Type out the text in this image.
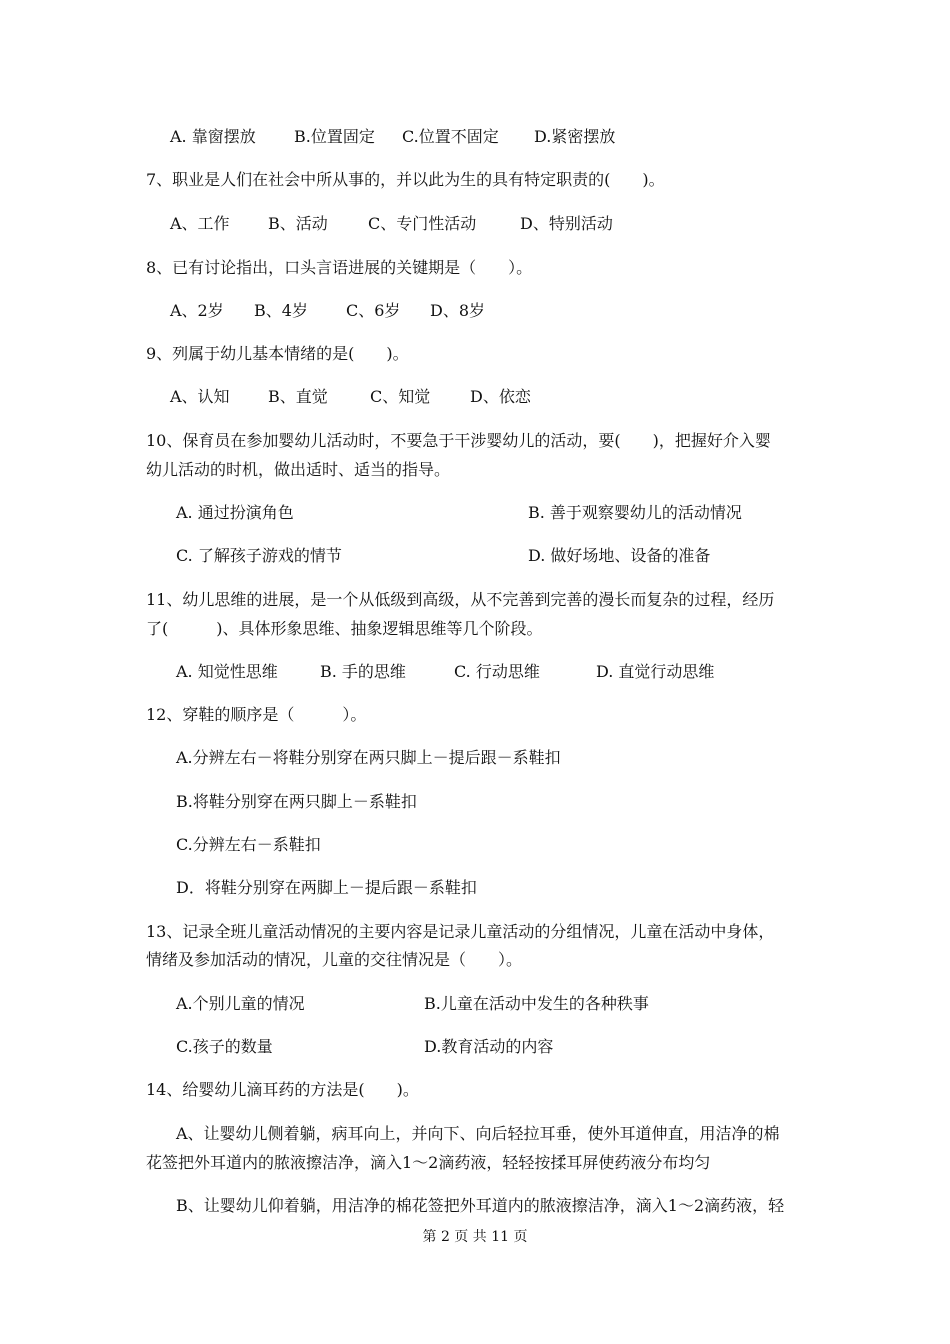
A. 靠窗摆放 B.位置固定 C.位置不固定 D.紧密摆放
7、职业是人们在社会中所从事的，并以此为生的具有特定职责的(　　)。
A、工作 B、活动	C、专门性活动	D、特别活动
8、已有讨论指出，口头言语进展的关键期是（　　）。
A、2岁 B、4岁 C、6岁 D、8岁
9、列属于幼儿基本情绪的是(　　)。
A、认知 B、直觉	C、知觉 D、依恋
10、保育员在参加婴幼儿活动时，不要急于干涉婴幼儿的活动，要(　　)，把握好介入婴
幼儿活动的时机，做出适时、适当的指导。
A. 通过扮演角色	B. 善于观察婴幼儿的活动情况
C. 了解孩子游戏的情节	D. 做好场地、设备的准备
11、幼儿思维的进展，是一个从低级到高级，从不完善到完善的漫长而复杂的过程，经历
了(　　　)、具体形象思维、抽象逻辑思维等几个阶段。
A. 知觉性思维	B. 手的思维	C. 行动思维	D. 直觉行动思维
12、穿鞋的顺序是（　　　）。
A.分辨左右－将鞋分别穿在两只脚上－提后跟－系鞋扣
B.将鞋分别穿在两只脚上－系鞋扣
C.分辨左右－系鞋扣
D．将鞋分别穿在两脚上－提后跟－系鞋扣
13、记录全班儿童活动情况的主要内容是记录儿童活动的分组情况，儿童在活动中身体，
情绪及参加活动的情况，儿童的交往情况是（　　）。
A.个别儿童的情况	B.儿童在活动中发生的各种秩事
C.孩子的数量	D.教育活动的内容
14、给婴幼儿滴耳药的方法是(　　)。
A、让婴幼儿侧着躺，病耳向上，并向下、向后轻拉耳垂，使外耳道伸直，用洁净的棉
花签把外耳道内的脓液擦洁净，滴入1～2滴药液，轻轻按揉耳屏使药液分布均匀
B、让婴幼儿仰着躺，用洁净的棉花签把外耳道内的脓液擦洁净，滴入1～2滴药液，轻
第 2 页 共 11 页
